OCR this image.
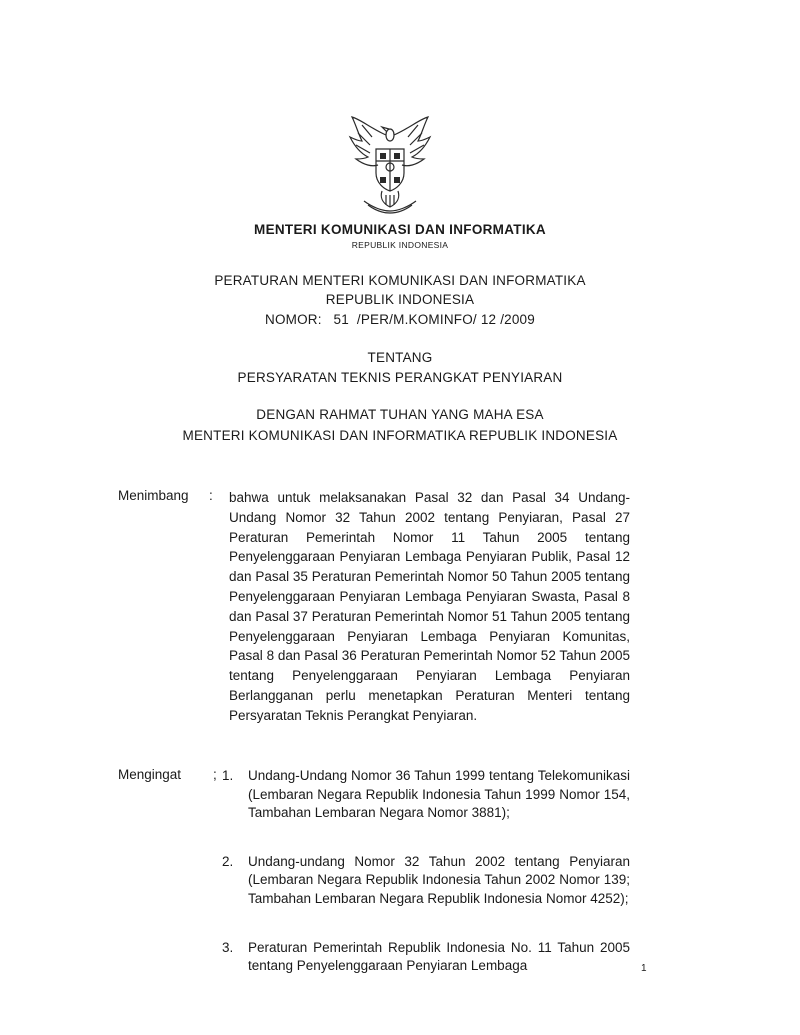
MENTERI KOMUNIKASI DAN INFORMATIKA
REPUBLIK INDONESIA
PERATURAN MENTERI KOMUNIKASI DAN INFORMATIKA
REPUBLIK INDONESIA
NOMOR:   51  /PER/M.KOMINFO/ 12 /2009
TENTANG
PERSYARATAN TEKNIS PERANGKAT PENYIARAN
DENGAN RAHMAT TUHAN YANG MAHA ESA
MENTERI KOMUNIKASI DAN INFORMATIKA REPUBLIK INDONESIA
Menimbang : bahwa untuk melaksanakan Pasal 32 dan Pasal 34 Undang-Undang Nomor 32 Tahun 2002 tentang Penyiaran, Pasal 27 Peraturan Pemerintah Nomor 11 Tahun 2005 tentang Penyelenggaraan Penyiaran Lembaga Penyiaran Publik, Pasal 12 dan Pasal 35 Peraturan Pemerintah Nomor 50 Tahun 2005 tentang Penyelenggaraan Penyiaran Lembaga Penyiaran Swasta, Pasal 8 dan Pasal 37 Peraturan Pemerintah Nomor 51 Tahun 2005 tentang Penyelenggaraan Penyiaran Lembaga Penyiaran Komunitas, Pasal 8 dan Pasal 36 Peraturan Pemerintah Nomor 52 Tahun 2005 tentang Penyelenggaraan Penyiaran Lembaga Penyiaran Berlangganan perlu menetapkan Peraturan Menteri tentang Persyaratan Teknis Perangkat Penyiaran.

Mengingat ; 1. Undang-Undang Nomor 36 Tahun 1999 tentang Telekomunikasi (Lembaran Negara Republik Indonesia Tahun 1999 Nomor 154, Tambahan Lembaran Negara Nomor 3881);
2. Undang-undang Nomor 32 Tahun 2002 tentang Penyiaran (Lembaran Negara Republik Indonesia Tahun 2002 Nomor 139; Tambahan Lembaran Negara Republik Indonesia Nomor 4252);
3. Peraturan Pemerintah Republik Indonesia No. 11 Tahun 2005 tentang Penyelenggaraan Penyiaran Lembaga	1
